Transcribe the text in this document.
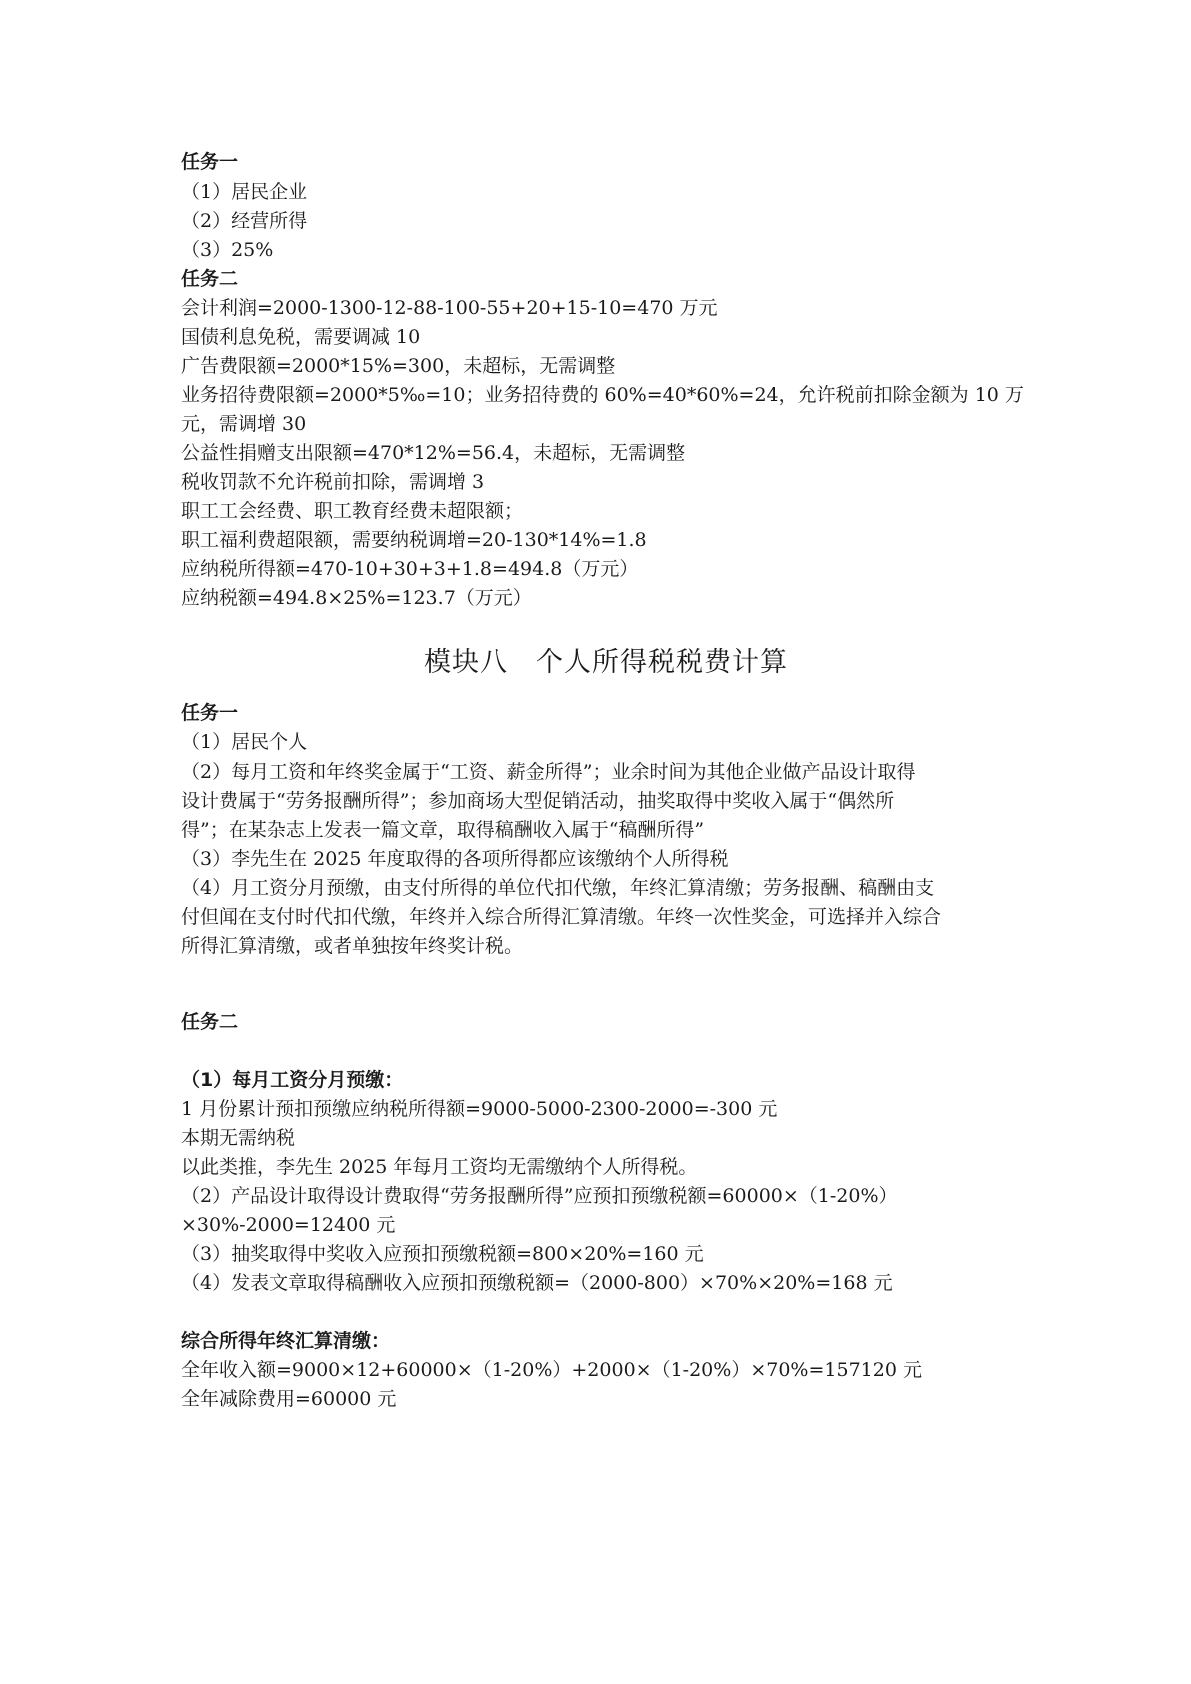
任务一
（1）居民企业
（2）经营所得
（3）25%
任务二
会计利润=2000-1300-12-88-100-55+20+15-10=470 万元
国债利息免税，需要调减 10
广告费限额=2000*15%=300，未超标，无需调整
业务招待费限额=2000*5‰=10；业务招待费的 60%=40*60%=24，允许税前扣除金额为 10 万
元，需调增 30
公益性捐赠支出限额=470*12%=56.4，未超标，无需调整
税收罚款不允许税前扣除，需调增 3
职工工会经费、职工教育经费未超限额；
职工福利费超限额，需要纳税调增=20-130*14%=1.8
应纳税所得额=470-10+30+3+1.8=494.8（万元）
应纳税额=494.8×25%=123.7（万元）
模块八　个人所得税税费计算
任务一
（1）居民个人
（2）每月工资和年终奖金属于“工资、薪金所得”；业余时间为其他企业做产品设计取得
设计费属于“劳务报酬所得”；参加商场大型促销活动，抽奖取得中奖收入属于“偶然所
得”；在某杂志上发表一篇文章，取得稿酬收入属于“稿酬所得”
（3）李先生在 2025 年度取得的各项所得都应该缴纳个人所得税
（4）月工资分月预缴，由支付所得的单位代扣代缴，年终汇算清缴；劳务报酬、稿酬由支
付但闻在支付时代扣代缴，年终并入综合所得汇算清缴。年终一次性奖金，可选择并入综合
所得汇算清缴，或者单独按年终奖计税。
任务二
（1）每月工资分月预缴：
1 月份累计预扣预缴应纳税所得额=9000-5000-2300-2000=-300 元
本期无需纳税
以此类推，李先生 2025 年每月工资均无需缴纳个人所得税。
（2）产品设计取得设计费取得“劳务报酬所得”应预扣预缴税额=60000×（1-20%）
×30%-2000=12400 元
（3）抽奖取得中奖收入应预扣预缴税额=800×20%=160 元
（4）发表文章取得稿酬收入应预扣预缴税额=（2000-800）×70%×20%=168 元
综合所得年终汇算清缴：
全年收入额=9000×12+60000×（1-20%）+2000×（1-20%）×70%=157120 元
全年减除费用=60000 元
